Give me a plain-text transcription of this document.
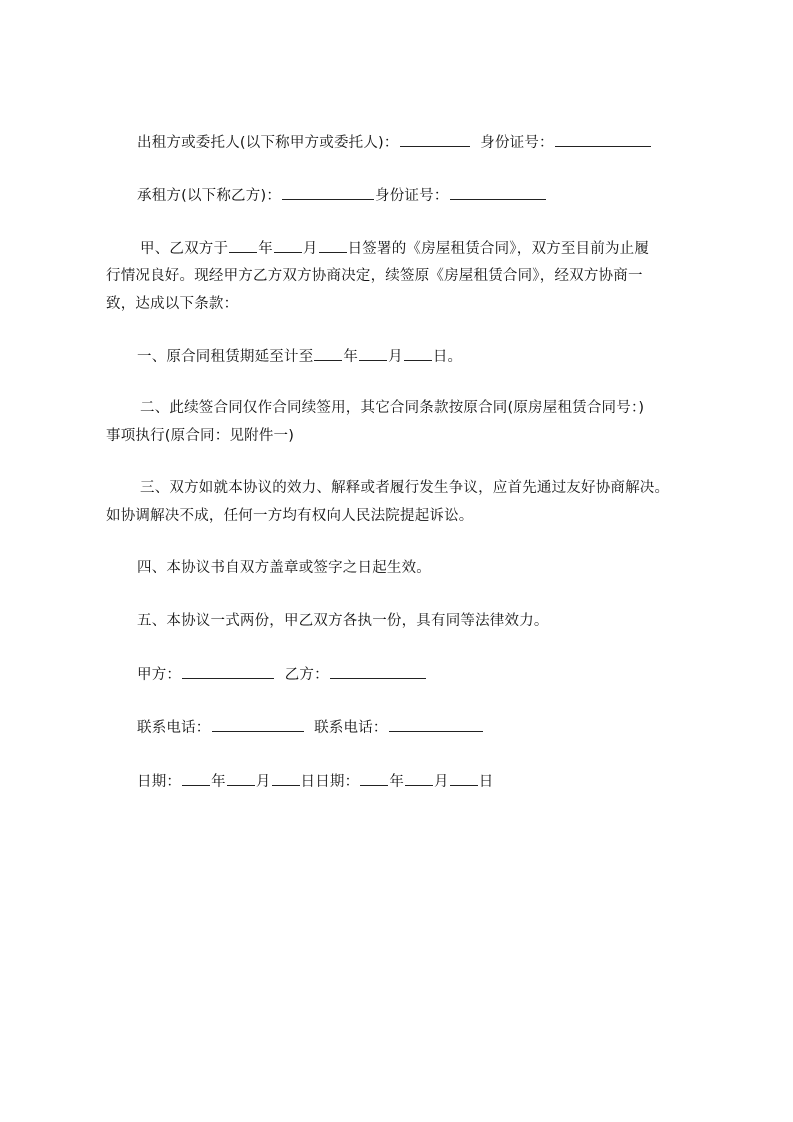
出租方或委托人(以下称甲方或委托人)：	身份证号：
承租方(以下称乙方)：	身份证号：
甲、乙双方于 年 月 日签署的《房屋租赁合同》，双方至目前为止履
行情况良好。现经甲方乙方双方协商决定，续签原《房屋租赁合同》，经双方协商一
致，达成以下条款：
一、原合同租赁期延至计至 年 月 日。
二、此续签合同仅作合同续签用，其它合同条款按原合同(原房屋租赁合同号：)
事项执行(原合同：见附件一)
三、双方如就本协议的效力、解释或者履行发生争议，应首先通过友好协商解决。
如协调解决不成，任何一方均有权向人民法院提起诉讼。
四、本协议书自双方盖章或签字之日起生效。
五、本协议一式两份，甲乙双方各执一份，具有同等法律效力。
甲方：	乙方：
联系电话：	联系电话：
日期： 年 月 日日期： 年 月 日
